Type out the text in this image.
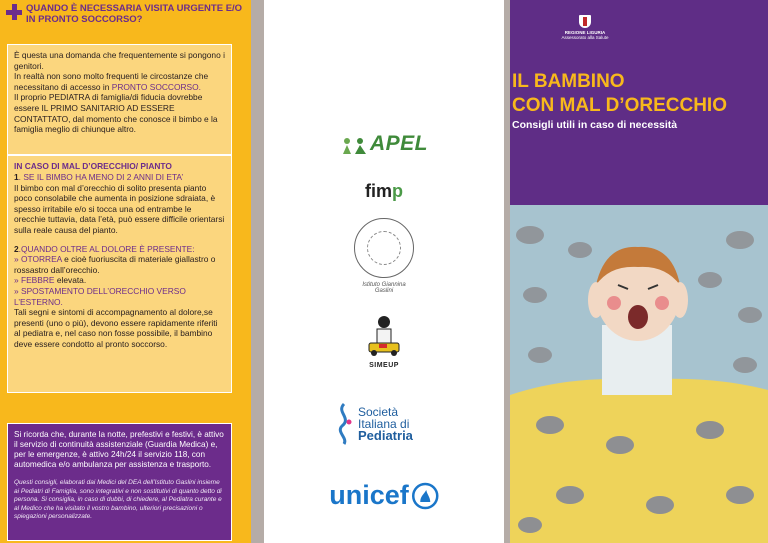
QUANDO È NECESSARIA VISITA URGENTE E/O IN PRONTO SOCCORSO?
È questa una domanda che frequentemente si pongono i genitori.
In realtà non sono molto frequenti le circostanze che necessitano di accesso in PRONTO SOCCORSO.
Il proprio PEDIATRA di famiglia/di fiducia dovrebbe essere IL PRIMO SANITARIO AD ESSERE CONTATTATO, dal momento che conosce il bimbo e la famiglia meglio di chiunque altro.
IN CASO DI MAL D’ORECCHIO/ PIANTO
1. SE IL BIMBO HA MENO DI 2 ANNI DI ETA’
Il bimbo con mal d’orecchio di solito presenta pianto poco consolabile che aumenta in posizione sdraiata, è spesso irritabile e/o si tocca una od entrambe le orecchie tuttavia, data l’età, può essere difficile orientarsi sulla reale causa del pianto.
2.QUANDO OLTRE AL DOLORE È PRESENTE:
» OTORREA e cioè fuoriuscita di materiale giallastro o rossastro dall’orecchio.
» FEBBRE elevata.
» SPOSTAMENTO DELL’ORECCHIO VERSO L’ESTERNO.
Tali segni e sintomi di accompagnamento al dolore,se presenti (uno o più), devono essere rapidamente riferiti al pediatra e, nel caso non fosse possibile, il bambino deve essere condotto al pronto soccorso.
Si ricorda che, durante la notte, prefestivi e festivi, è attivo il servizio di continuità assistenziale (Guardia Medica) e, per le emergenze, è attivo 24h/24 il servizio 118, con automedica e/o ambulanza per assistenza e trasporto.
Questi consigli, elaborati dai Medici del DEA dell’Istituto Gaslini insieme ai Pediatri di Famiglia, sono integrativi e non sostitutivi di quanto detto di persona. Si consiglia, in caso di dubbi, di chiedere, al Pediatra curante e al Medico che ha visitato il vostro bambino, ulteriori precisazioni o spiegazioni personalizzate.
APEL

fimp
Istituto Giannina Gaslini
SIMEUP
Società
Italiana di
Pediatria
unicef
REGIONE LIGURIA
Assessorato alla Salute
IL BAMBINO
CON MAL D’ORECCHIO
Consigli utili in caso di necessità
